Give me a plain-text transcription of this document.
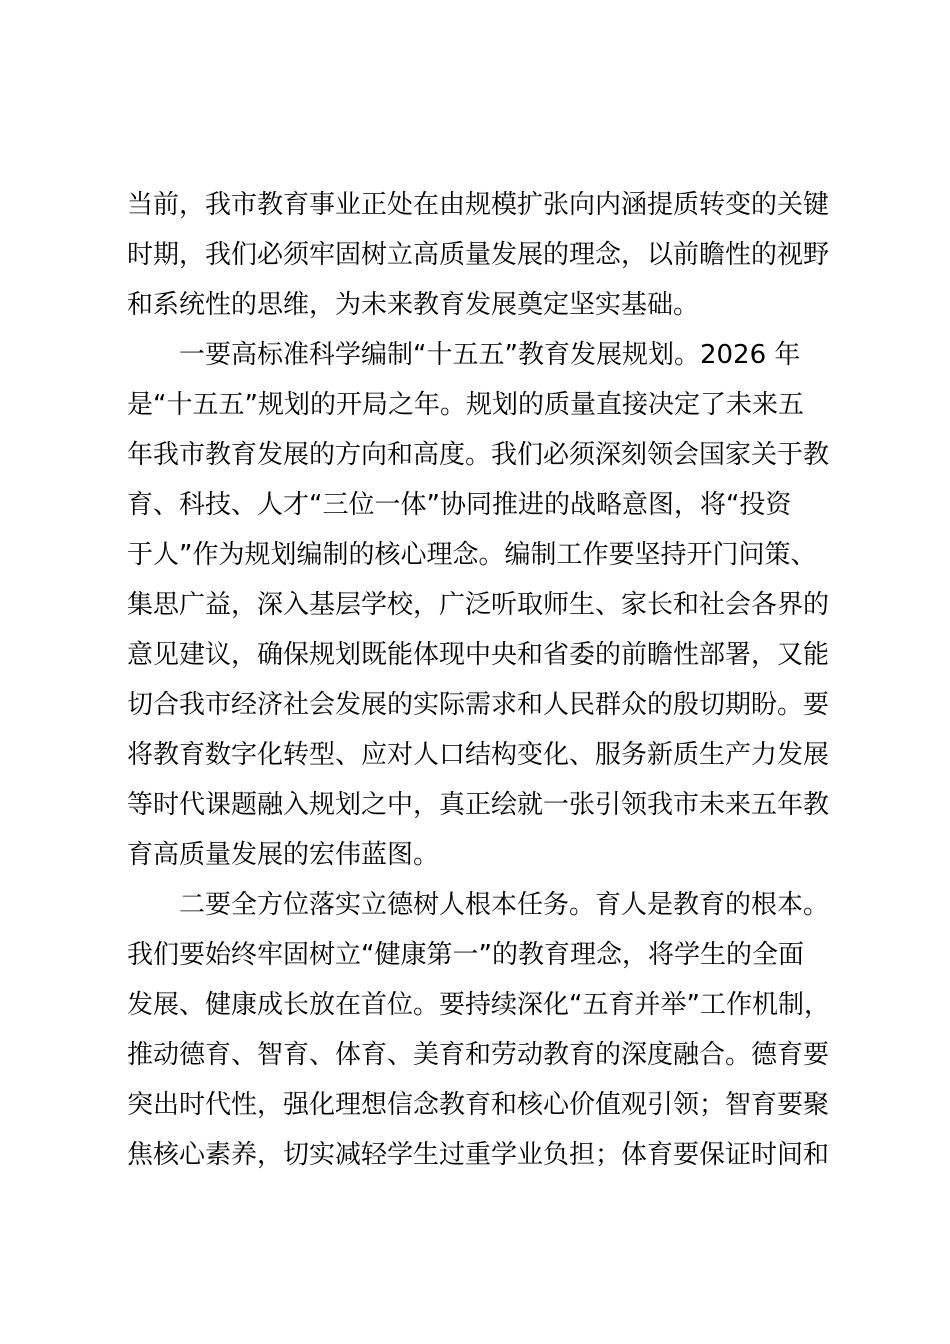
当前，我市教育事业正处在由规模扩张向内涵提质转变的关键
时期，我们必须牢固树立高质量发展的理念，以前瞻性的视野
和系统性的思维，为未来教育发展奠定坚实基础。
一要高标准科学编制“十五五”教育发展规划。2026 年
是“十五五”规划的开局之年。规划的质量直接决定了未来五
年我市教育发展的方向和高度。我们必须深刻领会国家关于教
育、科技、人才“三位一体”协同推进的战略意图，将“投资
于人”作为规划编制的核心理念。编制工作要坚持开门问策、
集思广益，深入基层学校，广泛听取师生、家长和社会各界的
意见建议，确保规划既能体现中央和省委的前瞻性部署，又能
切合我市经济社会发展的实际需求和人民群众的殷切期盼。要
将教育数字化转型、应对人口结构变化、服务新质生产力发展
等时代课题融入规划之中，真正绘就一张引领我市未来五年教
育高质量发展的宏伟蓝图。
二要全方位落实立德树人根本任务。育人是教育的根本。
我们要始终牢固树立“健康第一”的教育理念，将学生的全面
发展、健康成长放在首位。要持续深化“五育并举”工作机制，
推动德育、智育、体育、美育和劳动教育的深度融合。德育要
突出时代性，强化理想信念教育和核心价值观引领；智育要聚
焦核心素养，切实减轻学生过重学业负担；体育要保证时间和
